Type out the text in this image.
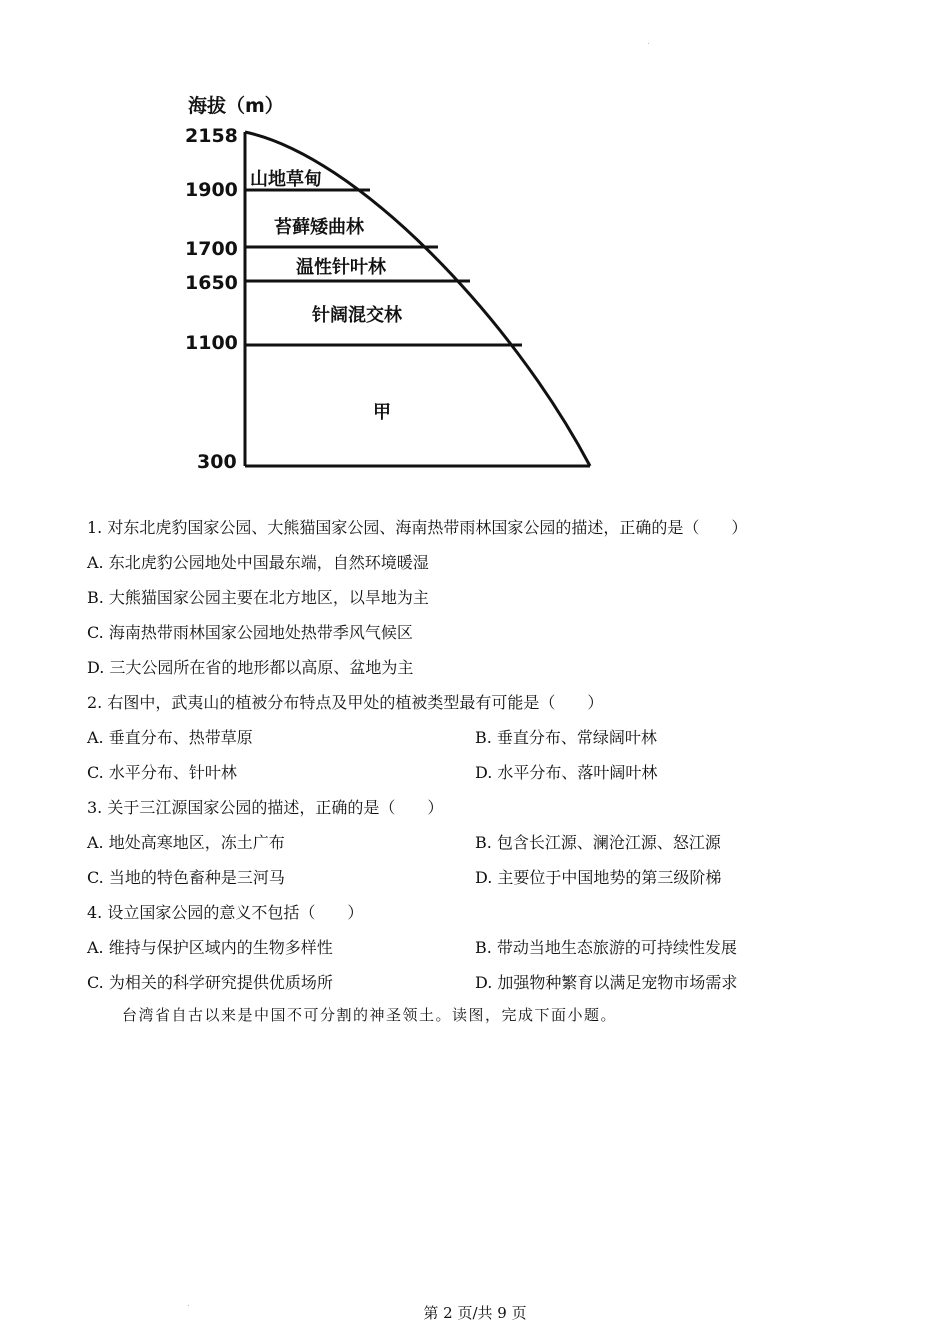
海拔（m）
2158
1900
1700
1650
1100
300
山地草甸
苔藓矮曲林
温性针叶林
针阔混交林
甲
1. 对东北虎豹国家公园、大熊猫国家公园、海南热带雨林国家公园的描述，正确的是（　　）
A. 东北虎豹公园地处中国最东端，自然环境暖湿
B. 大熊猫国家公园主要在北方地区，以旱地为主
C. 海南热带雨林国家公园地处热带季风气候区
D. 三大公园所在省的地形都以高原、盆地为主
2. 右图中，武夷山的植被分布特点及甲处的植被类型最有可能是（　　）
A. 垂直分布、热带草原	B. 垂直分布、常绿阔叶林
C. 水平分布、针叶林	D. 水平分布、落叶阔叶林
3. 关于三江源国家公园的描述，正确的是（　　）
A. 地处高寒地区，冻土广布	B. 包含长江源、澜沧江源、怒江源
C. 当地的特色畜种是三河马	D. 主要位于中国地势的第三级阶梯
4. 设立国家公园的意义不包括（　　）
A. 维持与保护区域内的生物多样性	B. 带动当地生态旅游的可持续性发展
C. 为相关的科学研究提供优质场所	D. 加强物种繁育以满足宠物市场需求
台湾省自古以来是中国不可分割的神圣领土。读图，完成下面小题。
第 2 页/共 9 页
